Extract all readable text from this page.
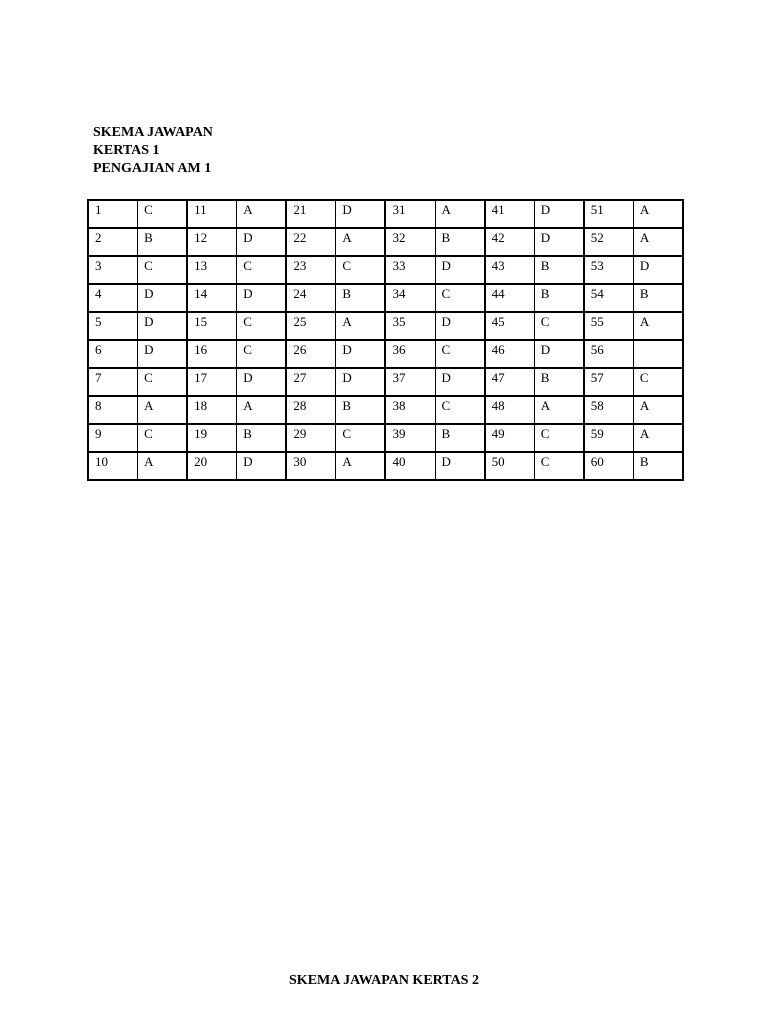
SKEMA JAWAPAN
KERTAS 1
PENGAJIAN AM 1
1	C	11	A	21	D	31	A	41	D	51	A
2	B	12	D	22	A	32	B	42	D	52	A
3	C	13	C	23	C	33	D	43	B	53	D
4	D	14	D	24	B	34	C	44	B	54	B
5	D	15	C	25	A	35	D	45	C	55	A
6	D	16	C	26	D	36	C	46	D	56	
7	C	17	D	27	D	37	D	47	B	57	C
8	A	18	A	28	B	38	C	48	A	58	A
9	C	19	B	29	C	39	B	49	C	59	A
10	A	20	D	30	A	40	D	50	C	60	B
SKEMA JAWAPAN KERTAS 2
